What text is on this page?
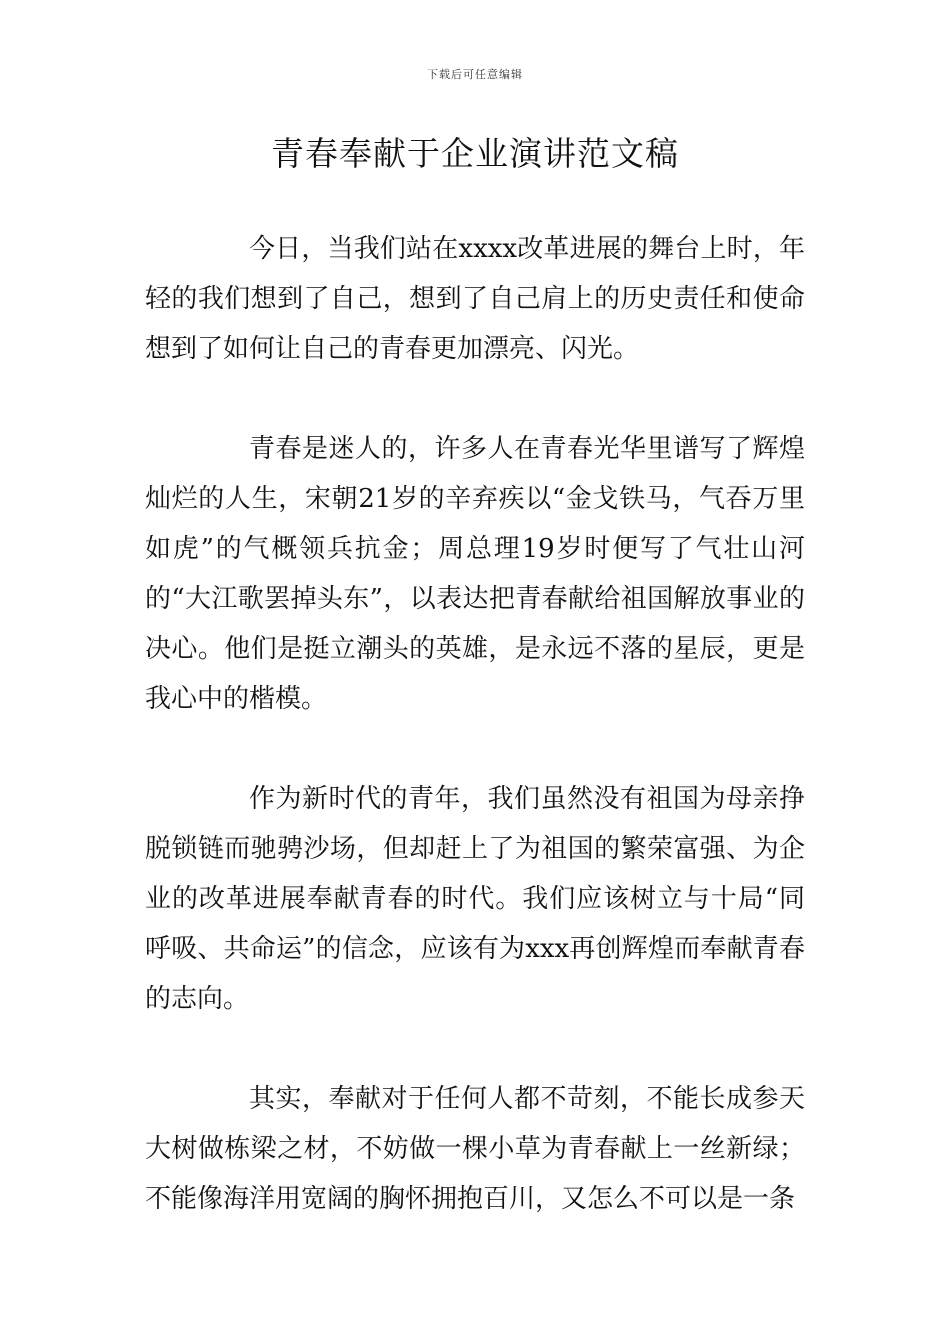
下载后可任意编辑
青春奉献于企业演讲范文稿

今日，当我们站在xxxx改革进展的舞台上时，年轻的我们想到了自己，想到了自己肩上的历史责任和使命想到了如何让自己的青春更加漂亮、闪光。

青春是迷人的，许多人在青春光华里谱写了辉煌灿烂的人生，宋朝21岁的辛弃疾以“金戈铁马，气吞万里如虎”的气概领兵抗金；周总理19岁时便写了气壮山河的“大江歌罢掉头东”，以表达把青春献给祖国解放事业的决心。他们是挺立潮头的英雄，是永远不落的星辰，更是我心中的楷模。

作为新时代的青年，我们虽然没有祖国为母亲挣脱锁链而驰骋沙场，但却赶上了为祖国的繁荣富强、为企业的改革进展奉献青春的时代。我们应该树立与十局“同呼吸、共命运”的信念，应该有为xxx再创辉煌而奉献青春的志向。

其实，奉献对于任何人都不苛刻，不能长成参天大树做栋梁之材，不妨做一棵小草为青春献上一丝新绿；不能像海洋用宽阔的胸怀拥抱百川，又怎么不可以是一条
